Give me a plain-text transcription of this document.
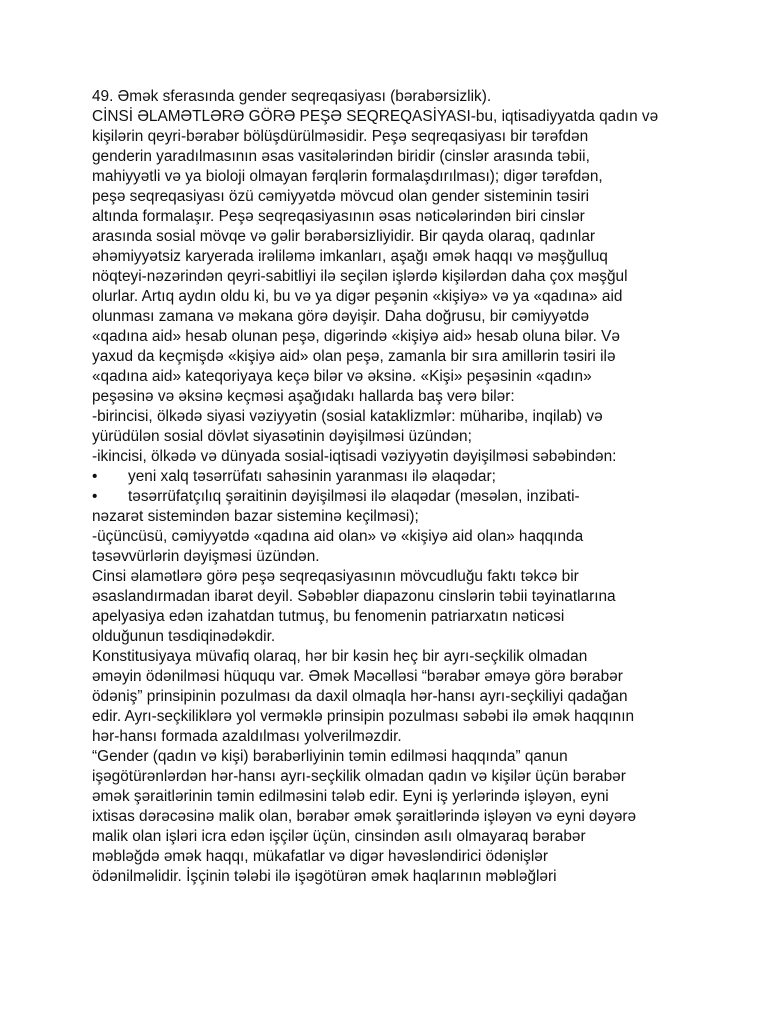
49. Əmək sferasında gender seqreqasiyası (bərabərsizlik).
CİNSİ ƏLAMƏTLƏRƏ GÖRƏ PEŞƏ SEQREQASİYASI-bu, iqtisadiyyatda qadın və
kişilərin qeyri-bərabər bölüşdürülməsidir. Peşə seqreqasiyası bir tərəfdən
genderin yaradılmasının əsas vasitələrindən biridir (cinslər arasında təbii,
mahiyyətli və ya bioloji olmayan fərqlərin formalaşdırılması); digər tərəfdən,
peşə seqreqasiyası özü cəmiyyətdə mövcud olan gender sisteminin təsiri
altında formalaşır. Peşə seqreqasiyasının əsas nəticələrindən biri cinslər
arasında sosial mövqe və gəlir bərabərsizliyidir. Bir qayda olaraq, qadınlar
əhəmiyyətsiz karyerada irəliləmə imkanları, aşağı əmək haqqı və məşğulluq
nöqteyi-nəzərindən qeyri-sabitliyi ilə seçilən işlərdə kişilərdən daha çox məşğul
olurlar. Artıq aydın oldu ki, bu və ya digər peşənin «kişiyə» və ya «qadına» aid
olunması zamana və məkana görə dəyişir. Daha doğrusu, bir cəmiyyətdə
«qadına aid» hesab olunan peşə, digərində «kişiyə aid» hesab oluna bilər. Və
yaxud da keçmişdə «kişiyə aid» olan peşə, zamanla bir sıra amillərin təsiri ilə
«qadına aid» kateqoriyaya keçə bilər və əksinə. «Kişi» peşəsinin «qadın»
peşəsinə və əksinə keçməsi aşağıdakı hallarda baş verə bilər:
-birincisi, ölkədə siyasi vəziyyətin (sosial kataklizmlər: müharibə, inqilab) və
yürüdülən sosial dövlət siyasətinin dəyişilməsi üzündən;
-ikincisi, ölkədə və dünyada sosial-iqtisadi vəziyyətin dəyişilməsi səbəbindən:
• yeni xalq təsərrüfatı sahəsinin yaranması ilə əlaqədar;
• təsərrüfatçılıq şəraitinin dəyişilməsi ilə əlaqədar (məsələn, inzibati-
nəzarət sistemindən bazar sisteminə keçilməsi);
-üçüncüsü, cəmiyyətdə «qadına aid olan» və «kişiyə aid olan» haqqında
təsəvvürlərin dəyişməsi üzündən.
Cinsi əlamətlərə görə peşə seqreqasiyasının mövcudluğu faktı təkcə bir
əsaslandırmadan ibarət deyil. Səbəblər diapazonu cinslərin təbii təyinatlarına
apelyasiya edən izahatdan tutmuş, bu fenomenin patriarxatın nəticəsi
olduğunun təsdiqinədəkdir.
Konstitusiyaya müvafiq olaraq, hər bir kəsin heç bir ayrı-seçkilik olmadan
əməyin ödənilməsi hüququ var. Əmək Məcəlləsi “bərabər əməyə görə bərabər
ödəniş” prinsipinin pozulması da daxil olmaqla hər-hansı ayrı-seçkiliyi qadağan
edir. Ayrı-seçkiliklərə yol verməklə prinsipin pozulması səbəbi ilə əmək haqqının
hər-hansı formada azaldılması yolverilməzdir.
“Gender (qadın və kişi) bərabərliyinin təmin edilməsi haqqında” qanun
işəgötürənlərdən hər-hansı ayrı-seçkilik olmadan qadın və kişilər üçün bərabər
əmək şəraitlərinin təmin edilməsini tələb edir. Eyni iş yerlərində işləyən, eyni
ixtisas dərəcəsinə malik olan, bərabər əmək şəraitlərində işləyən və eyni dəyərə
malik olan işləri icra edən işçilər üçün, cinsindən asılı olmayaraq bərabər
məbləğdə əmək haqqı, mükafatlar və digər həvəsləndirici ödənişlər
ödənilməlidir. İşçinin tələbi ilə işəgötürən əmək haqlarının məbləğləri
